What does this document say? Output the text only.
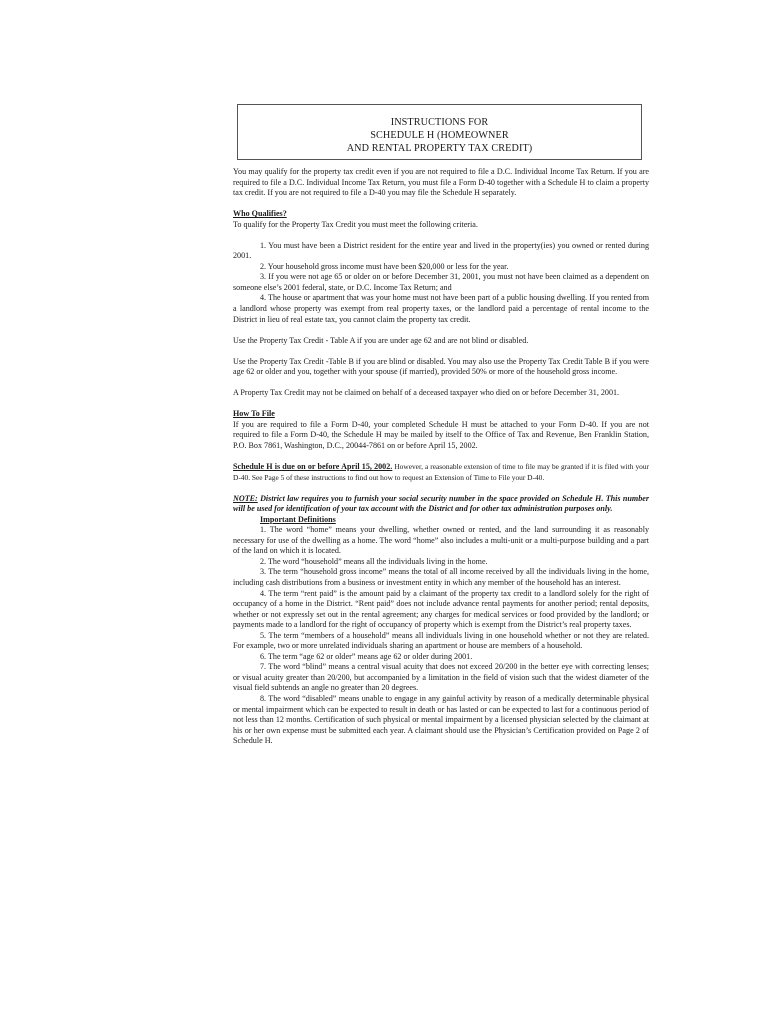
INSTRUCTIONS FOR
SCHEDULE H (HOMEOWNER
AND RENTAL PROPERTY TAX CREDIT)

You may qualify for the property tax credit even if you are not required to file a D.C. Individual Income Tax Return. If you are required to file a D.C. Individual Income Tax Return, you must file a Form D-40 together with a Schedule H to claim a property tax credit. If you are not required to file a D-40 you may file the Schedule H separately.

Who Qualifies?

To qualify for the Property Tax Credit you must meet the following criteria.

1. You must have been a District resident for the entire year and lived in the property(ies) you owned or rented during 2001.

2. Your household gross income must have been $20,000 or less for the year.

3. If you were not age 65 or older on or before December 31, 2001, you must not have been claimed as a dependent on someone else’s 2001 federal, state, or D.C. Income Tax Return; and

4. The house or apartment that was your home must not have been part of a public housing dwelling. If you rented from a landlord whose property was exempt from real property taxes, or the landlord paid a percentage of rental income to the District in lieu of real estate tax, you cannot claim the property tax credit.

Use the Property Tax Credit - Table A if you are under age 62 and are not blind or disabled.

Use the Property Tax Credit -Table B if you are blind or disabled. You may also use the Property Tax Credit Table B if you were age 62 or older and you, together with your spouse (if married), provided 50% or more of the household gross income.

A Property Tax Credit may not be claimed on behalf of a deceased taxpayer who died on or before December 31, 2001.

How To File

If you are required to file a Form D-40, your completed Schedule H must be attached to your Form D-40. If you are not required to file a Form D-40, the Schedule H may be mailed by itself to the Office of Tax and Revenue, Ben Franklin Station, P.O. Box 7861, Washington, D.C., 20044-7861 on or before April 15, 2002.

Schedule H is due on or before April 15, 2002. However, a reasonable extension of time to file may be granted if it is filed with your D-40. See Page 5 of these instructions to find out how to request an Extension of Time to File your D-40.

NOTE: District law requires you to furnish your social security number in the space provided on Schedule H. This number will be used for identification of your tax account with the District and for other tax administration purposes only.

Important Definitions

1. The word “home” means your dwelling, whether owned or rented, and the land surrounding it as reasonably necessary for use of the dwelling as a home. The word “home” also includes a multi-unit or a multi-purpose building and a part of the land on which it is located.

2. The word “household” means all the individuals living in the home.

3. The term “household gross income” means the total of all income received by all the individuals living in the home, including cash distributions from a business or investment entity in which any member of the household has an interest.

4. The term “rent paid” is the amount paid by a claimant of the property tax credit to a landlord solely for the right of occupancy of a home in the District. “Rent paid” does not include advance rental payments for another period; rental deposits, whether or not expressly set out in the rental agreement; any charges for medical services or food provided by the landlord; or payments made to a landlord for the right of occupancy of property which is exempt from the District’s real property taxes.

5. The term “members of a household” means all individuals living in one household whether or not they are related. For example, two or more unrelated individuals sharing an apartment or house are members of a household.

6. The term “age 62 or older” means age 62 or older during 2001.

7. The word “blind” means a central visual acuity that does not exceed 20/200 in the better eye with correcting lenses; or visual acuity greater than 20/200, but accompanied by a limitation in the field of vision such that the widest diameter of the visual field subtends an angle no greater than 20 degrees.

8. The word “disabled” means unable to engage in any gainful activity by reason of a medically determinable physical or mental impairment which can be expected to result in death or has lasted or can be expected to last for a continuous period of not less than 12 months. Certification of such physical or mental impairment by a licensed physician selected by the claimant at his or her own expense must be submitted each year. A claimant should use the Physician’s Certification provided on Page 2 of Schedule H.
